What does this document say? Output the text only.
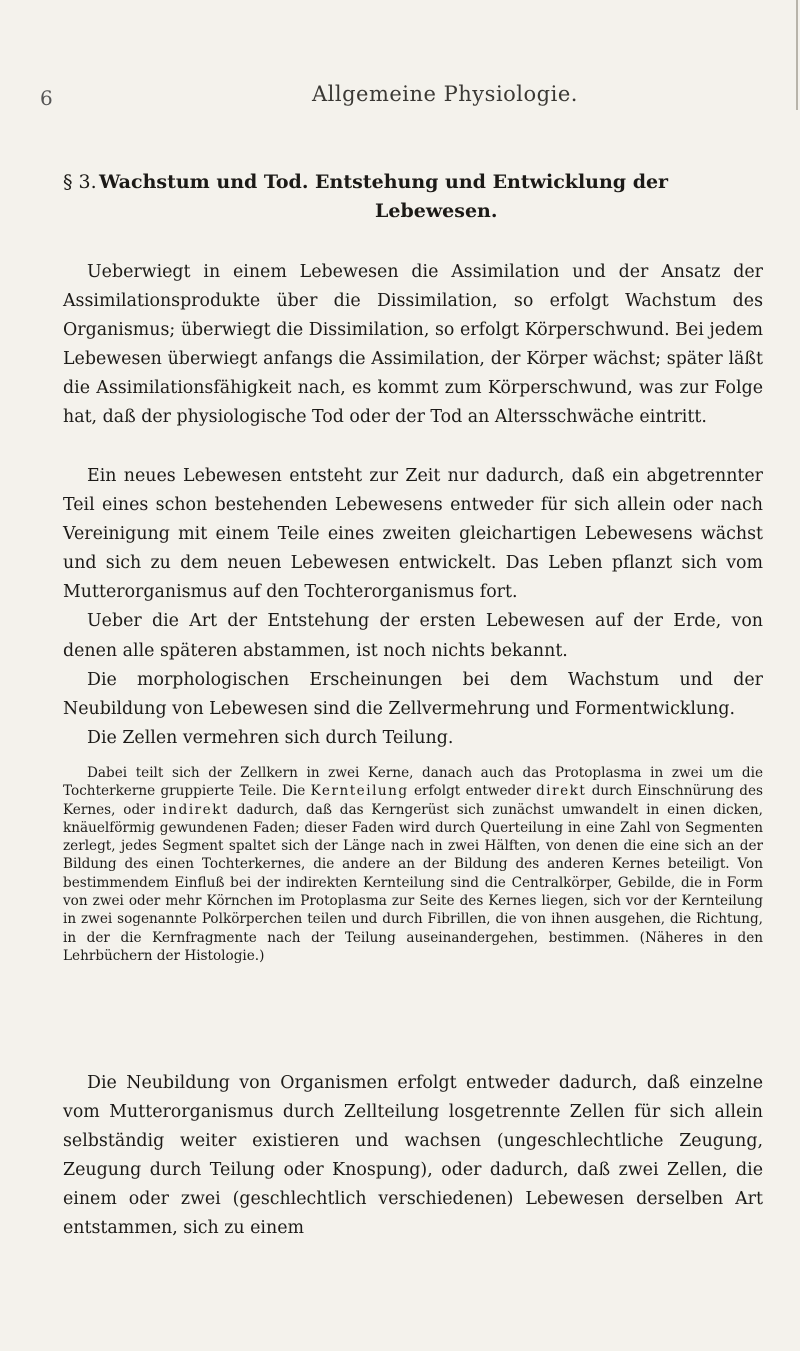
6	Allgemeine Physiologie.
§ 3. Wachstum und Tod. Entstehung und Entwicklung der
Lebewesen.

Ueberwiegt in einem Lebewesen die Assimilation und der Ansatz der Assimilationsprodukte über die Dissimilation, so erfolgt Wachstum des Organismus; überwiegt die Dissimilation, so erfolgt Körperschwund. Bei jedem Lebewesen überwiegt anfangs die Assimilation, der Körper wächst; später läßt die Assimilationsfähigkeit nach, es kommt zum Körperschwund, was zur Folge hat, daß der physiologische Tod oder der Tod an Altersschwäche eintritt.

Ein neues Lebewesen entsteht zur Zeit nur dadurch, daß ein abgetrennter Teil eines schon bestehenden Lebewesens entweder für sich allein oder nach Vereinigung mit einem Teile eines zweiten gleichartigen Lebewesens wächst und sich zu dem neuen Lebewesen entwickelt. Das Leben pflanzt sich vom Mutterorganismus auf den Tochterorganismus fort.

Ueber die Art der Entstehung der ersten Lebewesen auf der Erde, von denen alle späteren abstammen, ist noch nichts bekannt.

Die morphologischen Erscheinungen bei dem Wachstum und der Neubildung von Lebewesen sind die Zellvermehrung und Formentwicklung.

Die Zellen vermehren sich durch Teilung.

Dabei teilt sich der Zellkern in zwei Kerne, danach auch das Protoplasma in zwei um die Tochterkerne gruppierte Teile. Die Kernteilung erfolgt entweder direkt durch Einschnürung des Kernes, oder indirekt dadurch, daß das Kerngerüst sich zunächst umwandelt in einen dicken, knäuelförmig gewundenen Faden; dieser Faden wird durch Querteilung in eine Zahl von Segmenten zerlegt, jedes Segment spaltet sich der Länge nach in zwei Hälften, von denen die eine sich an der Bildung des einen Tochterkernes, die andere an der Bildung des anderen Kernes beteiligt. Von bestimmendem Einfluß bei der indirekten Kernteilung sind die Centralkörper, Gebilde, die in Form von zwei oder mehr Körnchen im Protoplasma zur Seite des Kernes liegen, sich vor der Kernteilung in zwei sogenannte Polkörperchen teilen und durch Fibrillen, die von ihnen ausgehen, die Richtung, in der die Kernfragmente nach der Teilung auseinandergehen, bestimmen. (Näheres in den Lehrbüchern der Histologie.)

Die Neubildung von Organismen erfolgt entweder dadurch, daß einzelne vom Mutterorganismus durch Zellteilung losgetrennte Zellen für sich allein selbständig weiter existieren und wachsen (ungeschlechtliche Zeugung, Zeugung durch Teilung oder Knospung), oder dadurch, daß zwei Zellen, die einem oder zwei (geschlechtlich verschiedenen) Lebewesen derselben Art entstammen, sich zu einem
